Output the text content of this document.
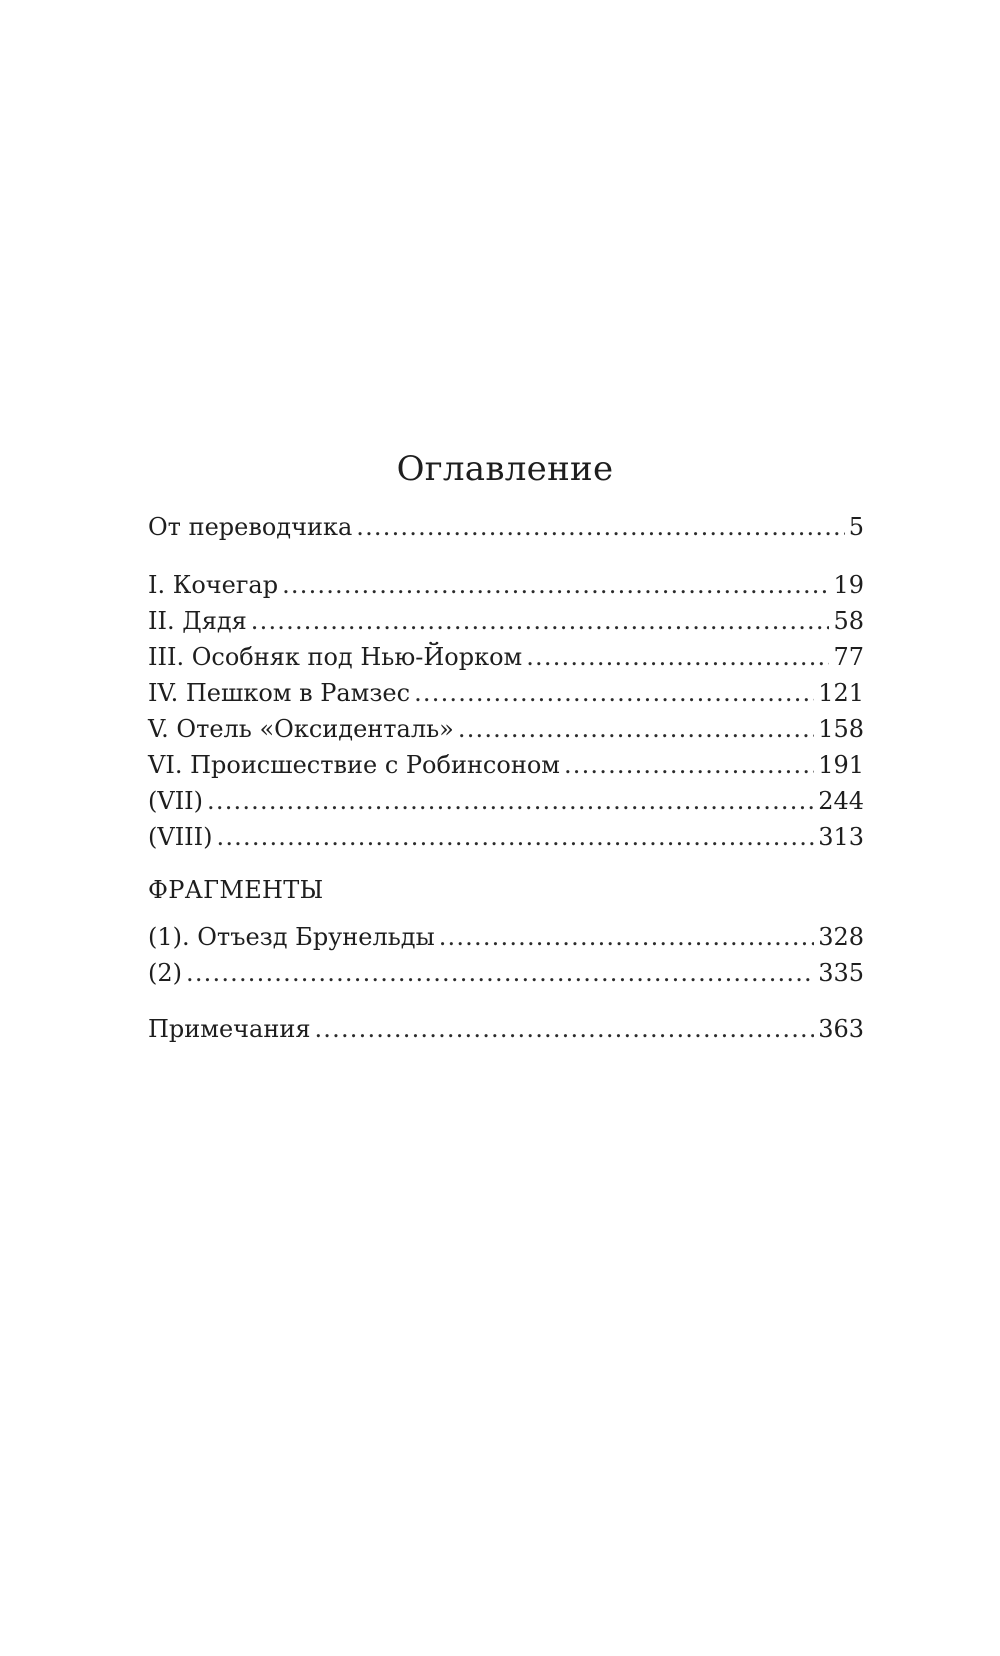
Оглавление
От переводчика .....	5
I. Кочегар .....	19
II. Дядя .....	58
III. Особняк под Нью-Йорком .....	77
IV. Пешком в Рамзес .....	121
V. Отель «Оксиденталь» .....	158
VI. Происшествие с Робинсоном .....	191
(VII) .....	244
(VIII) .....	313
ФРАГМЕНТЫ
(1). Отъезд Брунельды .....	328
(2) .....	335
Примечания .....	363
